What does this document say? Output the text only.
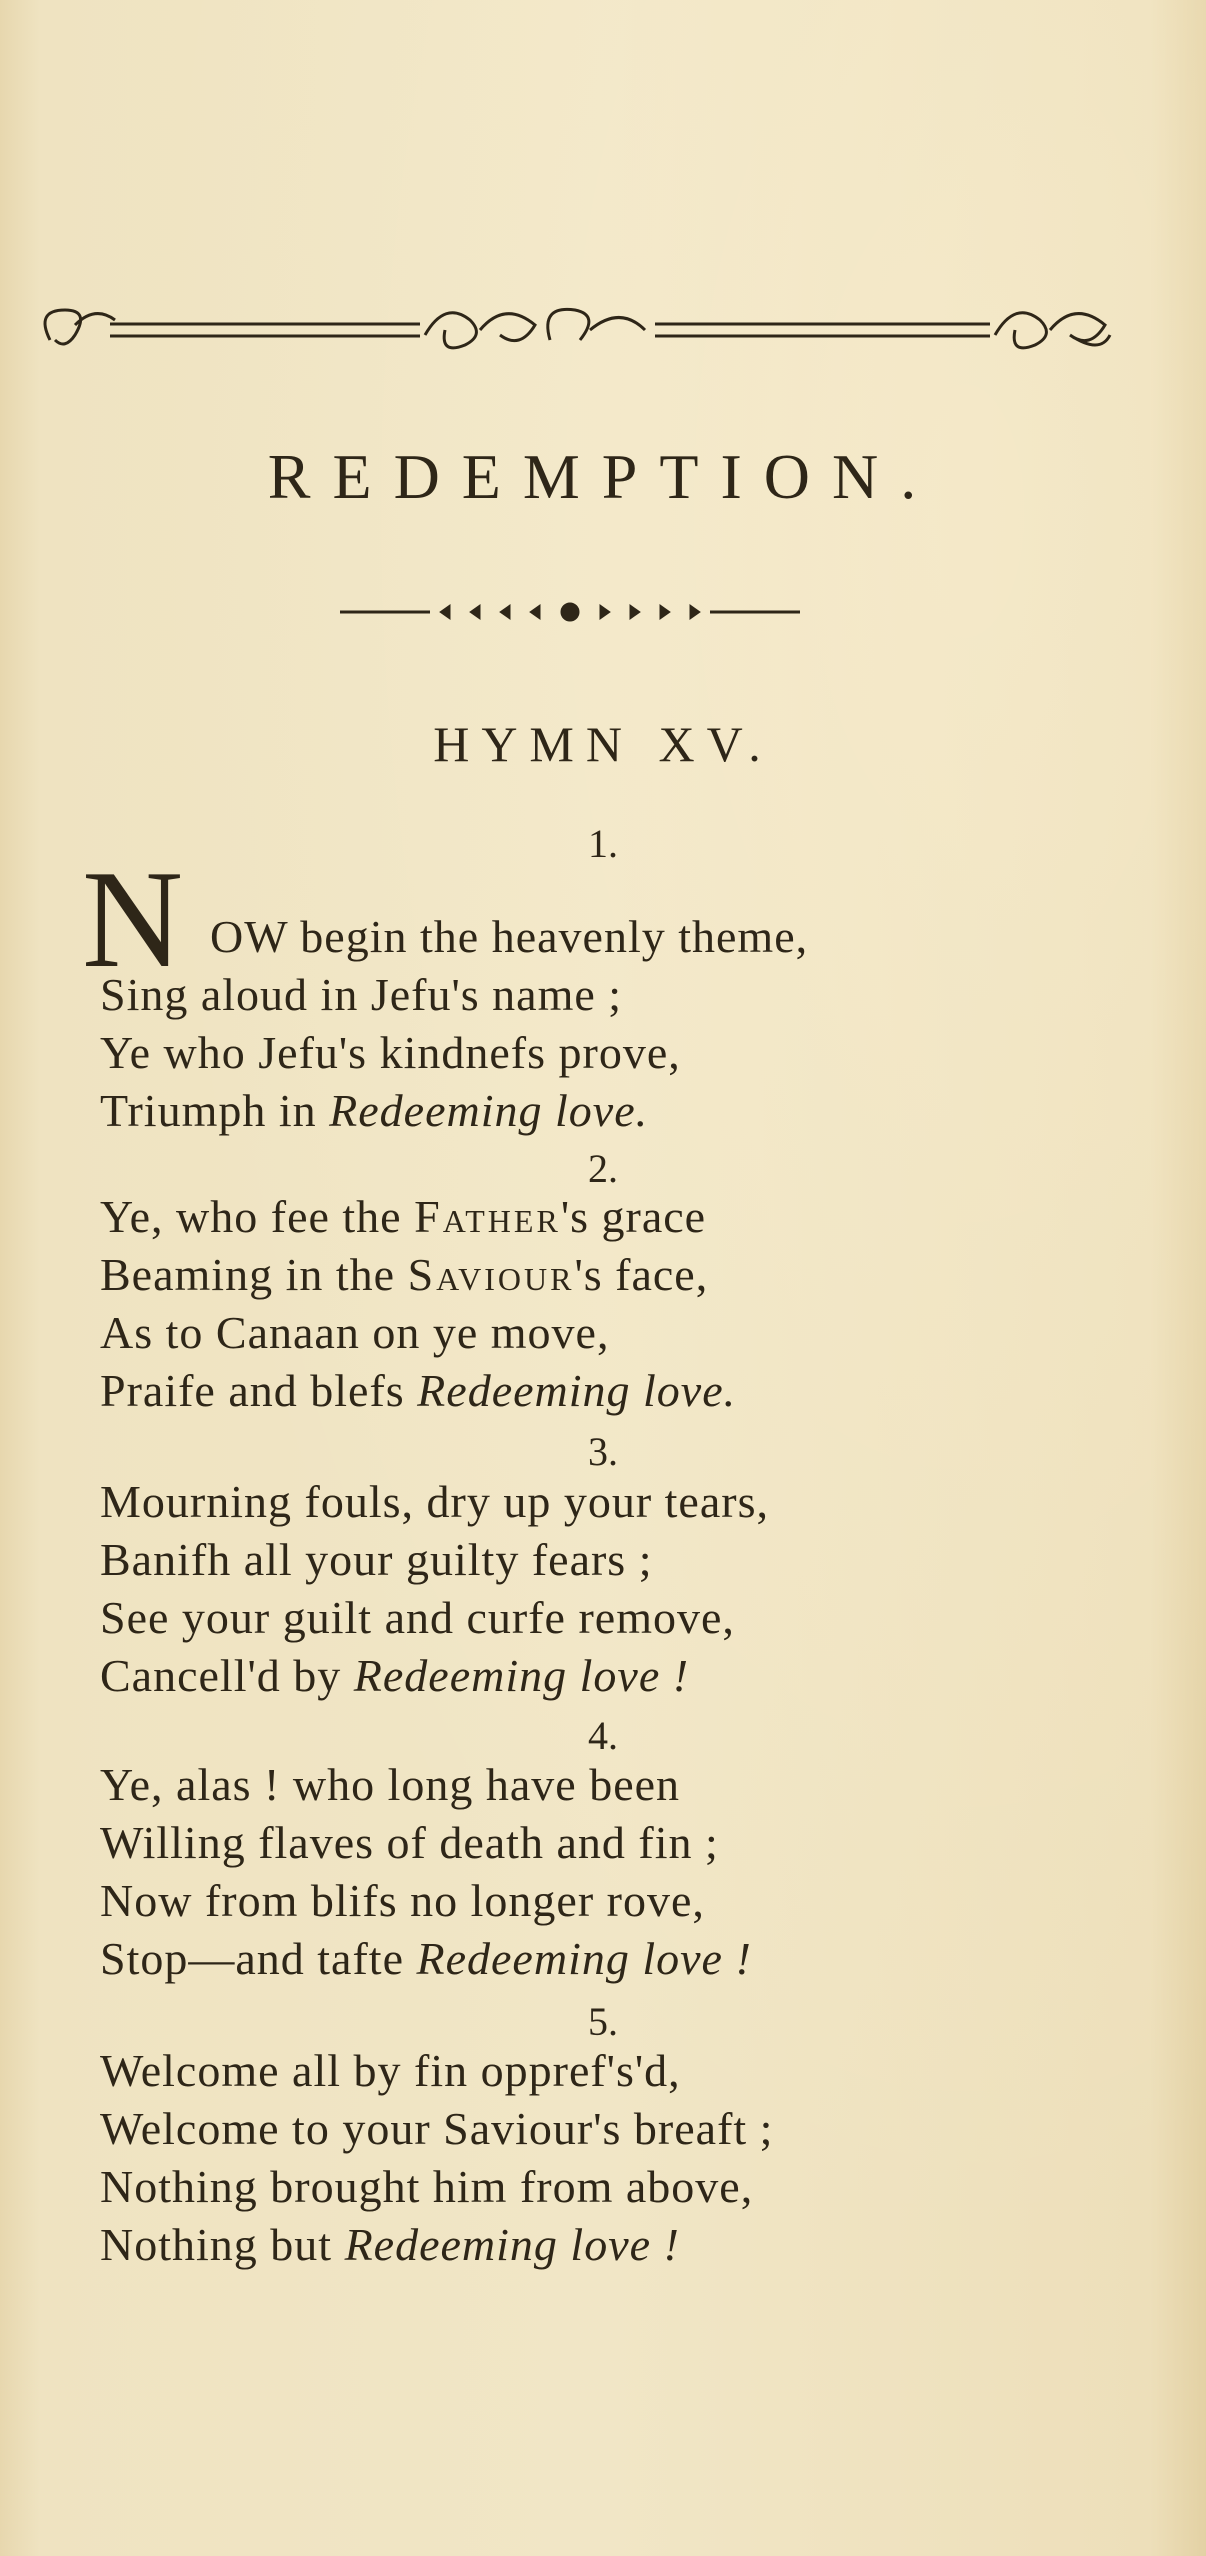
REDEMPTION.
HYMN XV.
1.
N OW begin the heavenly theme,
Sing aloud in Jefu's name ;
Ye who Jefu's kindnefs prove,
Triumph in Redeeming love.
2.
Ye, who fee the Father's grace
Beaming in the Saviour's face,
As to Canaan on ye move,
Praife and blefs Redeeming love.
3.
Mourning fouls, dry up your tears,
Banifh all your guilty fears ;
See your guilt and curfe remove,
Cancell'd by Redeeming love !
4.
Ye, alas ! who long have been
Willing flaves of death and fin ;
Now from blifs no longer rove,
Stop—and tafte Redeeming love !
5.
Welcome all by fin oppref's'd,
Welcome to your Saviour's breaft ;
Nothing brought him from above,
Nothing but Redeeming love !
